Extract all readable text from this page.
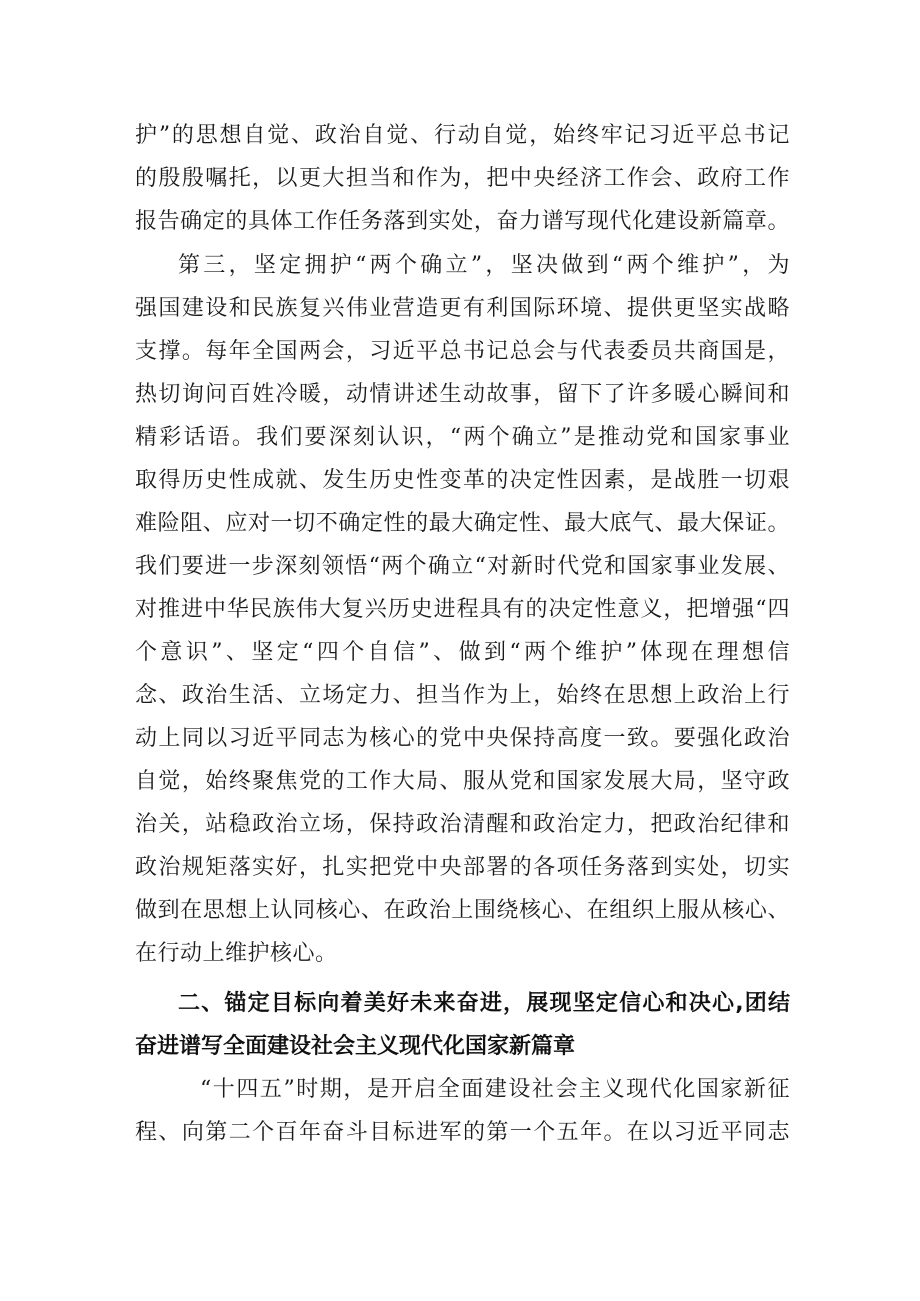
护”的思想自觉、政治自觉、行动自觉，始终牢记习近平总书记
的殷殷嘱托，以更大担当和作为，把中央经济工作会、政府工作
报告确定的具体工作任务落到实处，奋力谱写现代化建设新篇章。
第三，坚定拥护“两个确立”，坚决做到“两个维护”，为
强国建设和民族复兴伟业营造更有利国际环境、提供更坚实战略
支撑。每年全国两会，习近平总书记总会与代表委员共商国是，
热切询问百姓冷暖，动情讲述生动故事，留下了许多暖心瞬间和
精彩话语。我们要深刻认识，“两个确立”是推动党和国家事业
取得历史性成就、发生历史性变革的决定性因素，是战胜一切艰
难险阻、应对一切不确定性的最大确定性、最大底气、最大保证。
我们要进一步深刻领悟“两个确立“对新时代党和国家事业发展、
对推进中华民族伟大复兴历史进程具有的决定性意义，把增强“四
个意识”、坚定“四个自信”、做到“两个维护”体现在理想信
念、政治生活、立场定力、担当作为上，始终在思想上政治上行
动上同以习近平同志为核心的党中央保持高度一致。要强化政治
自觉，始终聚焦党的工作大局、服从党和国家发展大局，坚守政
治关，站稳政治立场，保持政治清醒和政治定力，把政治纪律和
政治规矩落实好，扎实把党中央部署的各项任务落到实处，切实
做到在思想上认同核心、在政治上围绕核心、在组织上服从核心、
在行动上维护核心。
二、锚定目标向着美好未来奋进，展现坚定信心和决心,团结
奋进谱写全面建设社会主义现代化国家新篇章
“十四五”时期，是开启全面建设社会主义现代化国家新征
程、向第二个百年奋斗目标进军的第一个五年。在以习近平同志
